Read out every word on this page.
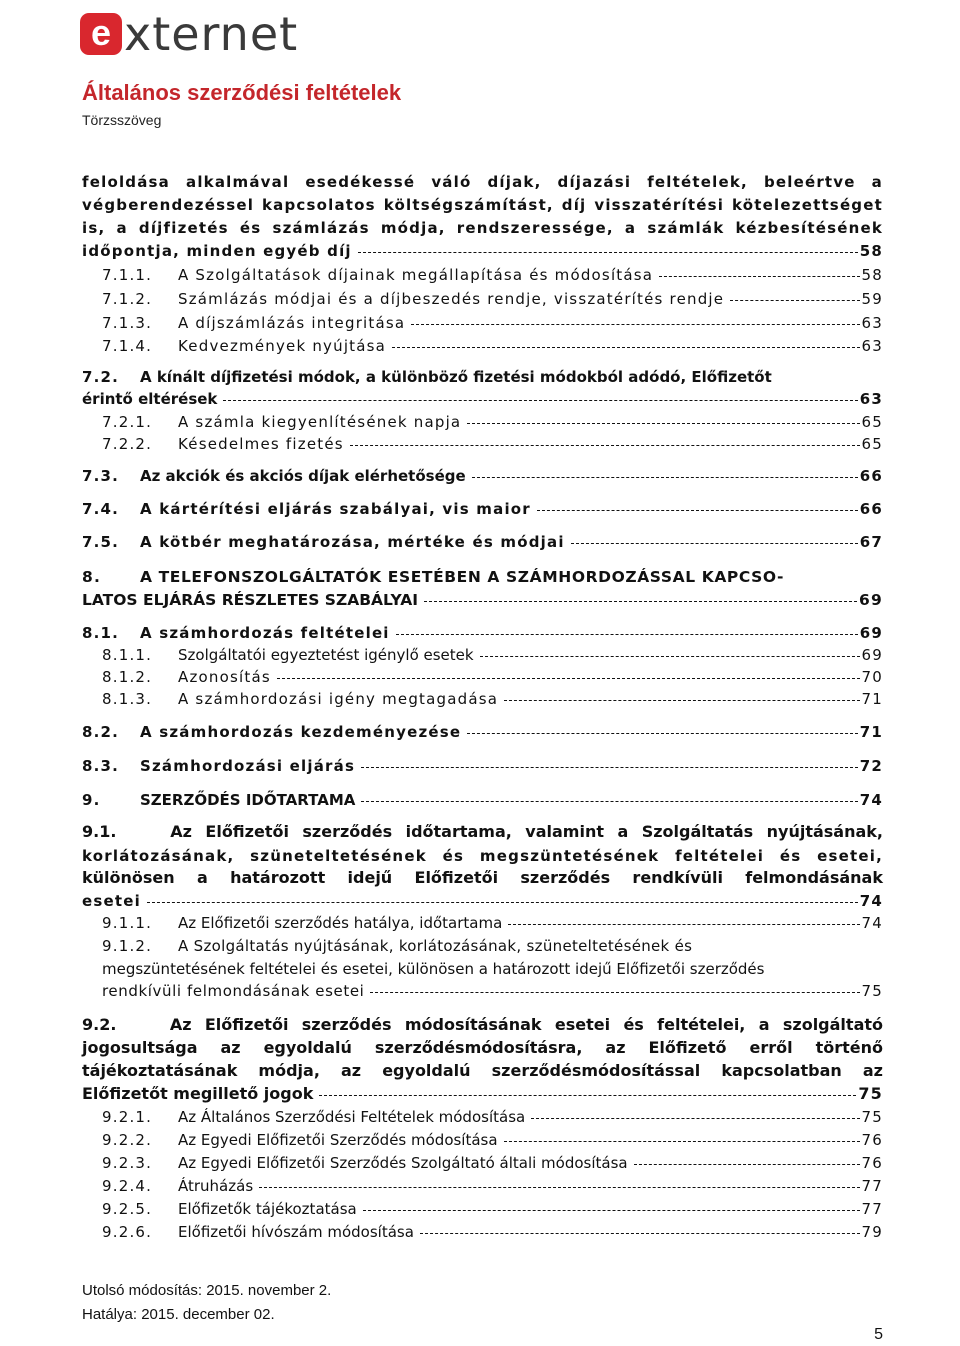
e xternet
Általános szerződési feltételek
Törzsszöveg
feloldása alkalmával esedékessé váló díjak, díjazási feltételek, beleértve a
végberendezéssel kapcsolatos költségszámítást, díj visszatérítési kötelezettséget
is, a díjfizetés és számlázás módja, rendszeressége, a számlák kézbesítésének
időpontja, minden egyéb díj	58
7.1.1.	A Szolgáltatások díjainak megállapítása és módosítása	58
7.1.2.	Számlázás módjai és a díjbeszedés rendje, visszatérítés rendje	59
7.1.3.	A díjszámlázás integritása	63
7.1.4.	Kedvezmények nyújtása	63
7.2.	A kínált díjfizetési módok, a különböző fizetési módokból adódó, Előfizetőt
érintő eltérések	63
7.2.1.	A számla kiegyenlítésének napja	65
7.2.2.	Késedelmes fizetés	65
7.3.	Az akciók és akciós díjak elérhetősége	66
7.4.	A kártérítési eljárás szabályai, vis maior	66
7.5.	A kötbér meghatározása, mértéke és módjai	67
8.	A TELEFONSZOLGÁLTATÓK ESETÉBEN A SZÁMHORDOZÁSSAL KAPCSO-
LATOS ELJÁRÁS RÉSZLETES SZABÁLYAI	69
8.1.	A számhordozás feltételei	69
8.1.1.	Szolgáltatói egyeztetést igénylő esetek	69
8.1.2.	Azonosítás	70
8.1.3.	A számhordozási igény megtagadása	71
8.2.	A számhordozás kezdeményezése	71
8.3.	Számhordozási eljárás	72
9.	SZERZŐDÉS IDŐTARTAMA	74
9.1.	Az Előfizetői szerződés időtartama, valamint a Szolgáltatás nyújtásának,
korlátozásának, szüneteltetésének és megszüntetésének feltételei és esetei,
különösen a határozott idejű Előfizetői szerződés rendkívüli felmondásának
esetei	74
9.1.1.	Az Előfizetői szerződés hatálya, időtartama	74
9.1.2.	A Szolgáltatás nyújtásának, korlátozásának, szüneteltetésének és
megszüntetésének feltételei és esetei, különösen a határozott idejű Előfizetői szerződés
rendkívüli felmondásának esetei	75
9.2.	Az Előfizetői szerződés módosításának esetei és feltételei, a szolgáltató
jogosultsága az egyoldalú szerződésmódosításra, az Előfizető erről történő
tájékoztatásának módja, az egyoldalú szerződésmódosítással kapcsolatban az
Előfizetőt megillető jogok	75
9.2.1.	Az Általános Szerződési Feltételek módosítása	75
9.2.2.	Az Egyedi Előfizetői Szerződés módosítása	76
9.2.3.	Az Egyedi Előfizetői Szerződés Szolgáltató általi módosítása	76
9.2.4.	Átruházás	77
9.2.5.	Előfizetők tájékoztatása	77
9.2.6.	Előfizetői hívószám módosítása	79
Utolsó módosítás: 2015. november 2.
Hatálya: 2015. december 02.
5
